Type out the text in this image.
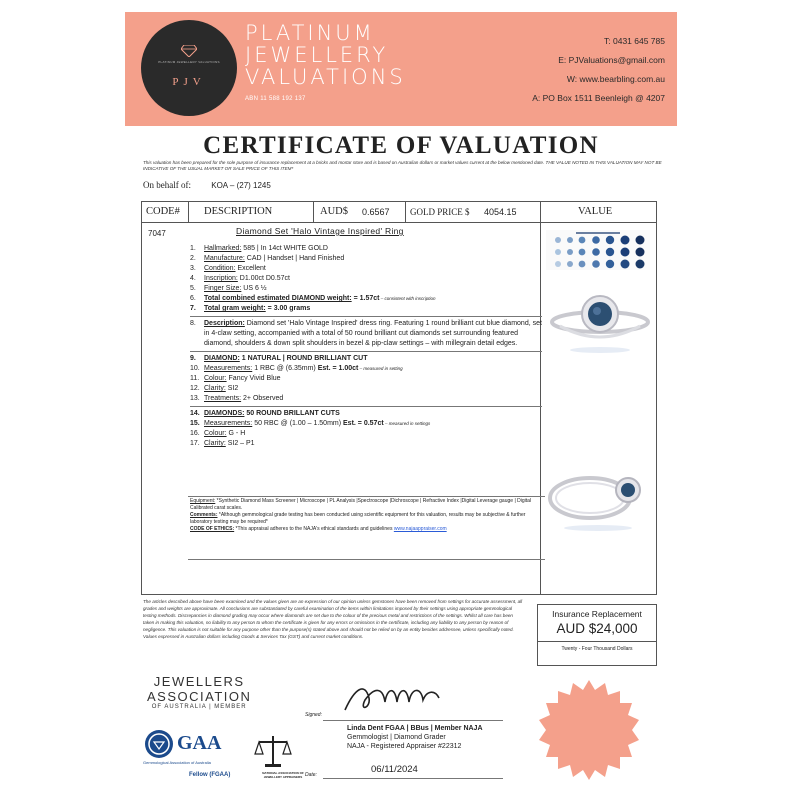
PLATINUM JEWELLERY VALUATIONS
PJV
PLATINUM
JEWELLERY
VALUATIONS
ABN 11 588 192 137
T: 0431 645 785
E: PJValuations@gmail.com
W: www.bearbling.com.au
A: PO Box 1511 Beenleigh @ 4207
CERTIFICATE OF VALUATION
This valuation has been prepared for the sole purpose of insurance replacement at a bricks and mortar store and is based on Australian dollars or market values current at the below mentioned date. THE VALUE NOTED IN THIS VALUATION MAY NOT BE INDICATIVE OF THE USUAL MARKET OR SALE PRICE OF THIS ITEM*
On behalf of:	KOA – (27) 1245
CODE# DESCRIPTION	AUD$ 0.6567 GOLD PRICE $ 4054.15	VALUE
7047	Diamond Set 'Halo Vintage Inspired' Ring
1.	Hallmarked: 585 | In 14ct WHITE GOLD
2.	Manufacture: CAD | Handset | Hand Finished
3.	Condition: Excellent
4.	Inscription: D1.00ct D0.57ct
5.	Finger Size: US 6 ½
6.	Total combined estimated DIAMOND weight: = 1.57ct – consistent with inscription
7.	Total gram weight: = 3.00 grams
8.	Description: Diamond set 'Halo Vintage Inspired' dress ring. Featuring 1 round brilliant cut blue diamond, set in 4-claw setting, accompanied with a total of 50 round brilliant cut diamonds set surrounding featured diamond, shoulders & down split shoulders in bezel & pip-claw settings – with millegrain detail edges.
9.	DIAMOND: 1 NATURAL | ROUND BRILLIANT CUT
10. Measurements: 1 RBC @ (6.35mm) Est. = 1.00ct – measured in setting
11. Colour: Fancy Vivid Blue
12. Clarity: SI2
13. Treatments: 2+ Observed
14. DIAMONDS: 50 ROUND BRILLANT CUTS
15. Measurements: 50 RBC @ (1.00 – 1.50mm) Est. = 0.57ct – measured in settings
16. Colour: G - H
17. Clarity: SI2 – P1
Equipment: *Synthetic Diamond Mass Screener | Microscope | PL Analysis |Spectroscope |Dichroscope | Refractive Index |Digital Leverage gauge | Digital Calibrated carat scales.
Comments: *Although gemmological grade testing has been conducted using scientific equipment for this valuation, results may be subjective & further laboratory testing may be required*
CODE OF ETHICS: *This appraisal adheres to the NAJA's ethical standards and guidelines www.najaappraiser.com
The articles described above have been examined and the values given are an expression of our opinion unless gemstones have been removed from settings for accurate assessment, all grades and weights are approximate. All conclusions are substantiated by careful examination of the items within limitations imposed by their settings using appropriate gemmological testing methods. Discrepancies in diamond grading may occur where diamonds are set due to the colour of the precious metal and restrictions of the settings. Whilst all care has been taken in making this valuation, no liability to any person to whom the certificate is given for any errors or omissions in the certificate, including any liability to any person by reason of negligence. This valuation is not suitable for any purpose other than the purpose(s) stated above and should not be relied on by an entity besides addressee, unless specifically noted. Values expressed in Australian dollars including Goods & Services Tax (GST) and current market conditions.
Insurance Replacement
AUD $24,000
Twenty - Four Thousand Dollars
JEWELLERS
ASSOCIATION
OF AUSTRALIA | MEMBER
GAA
Gemmological Association of Australia
Fellow (FGAA)	NATIONAL ASSOCIATION OF JEWELLERY APPRAISERS
Signed:
Linda Dent FGAA | BBus | Member NAJA
Gemmologist | Diamond Grader
NAJA - Registered Appraiser #22312
Date:	06/11/2024
